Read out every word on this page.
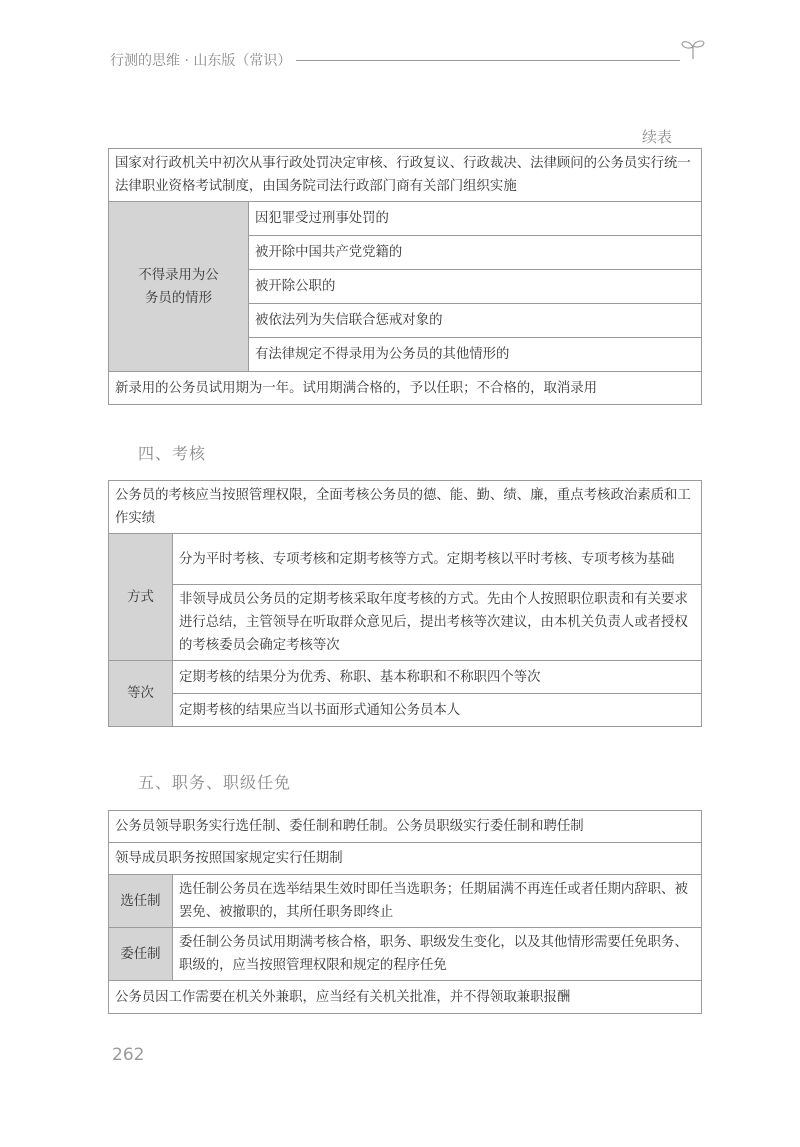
行测的思维 · 山东版（常识）
续表
国家对行政机关中初次从事行政处罚决定审核、行政复议、行政裁决、法律顾问的公务员实行统一法律职业资格考试制度，由国务院司法行政部门商有关部门组织实施
不得录用为公务员的情形	因犯罪受过刑事处罚的
被开除中国共产党党籍的
被开除公职的
被依法列为失信联合惩戒对象的
有法律规定不得录用为公务员的其他情形的
新录用的公务员试用期为一年。试用期满合格的，予以任职；不合格的，取消录用
四、考核
公务员的考核应当按照管理权限，全面考核公务员的德、能、勤、绩、廉，重点考核政治素质和工作实绩	
方式	分为平时考核、专项考核和定期考核等方式。定期考核以平时考核、专项考核为基础
	非领导成员公务员的定期考核采取年度考核的方式。先由个人按照职位职责和有关要求进行总结，主管领导在听取群众意见后，提出考核等次建议，由本机关负责人或者授权的考核委员会确定考核等次
等次	定期考核的结果分为优秀、称职、基本称职和不称职四个等次
	定期考核的结果应当以书面形式通知公务员本人
五、职务、职级任免
公务员领导职务实行选任制、委任制和聘任制。公务员职级实行委任制和聘任制	
领导成员职务按照国家规定实行任期制	
选任制	选任制公务员在选举结果生效时即任当选职务；任期届满不再连任或者任期内辞职、被罢免、被撤职的，其所任职务即终止
委任制	委任制公务员试用期满考核合格，职务、职级发生变化，以及其他情形需要任免职务、职级的，应当按照管理权限和规定的程序任免
公务员因工作需要在机关外兼职，应当经有关机关批准，并不得领取兼职报酬	
262
